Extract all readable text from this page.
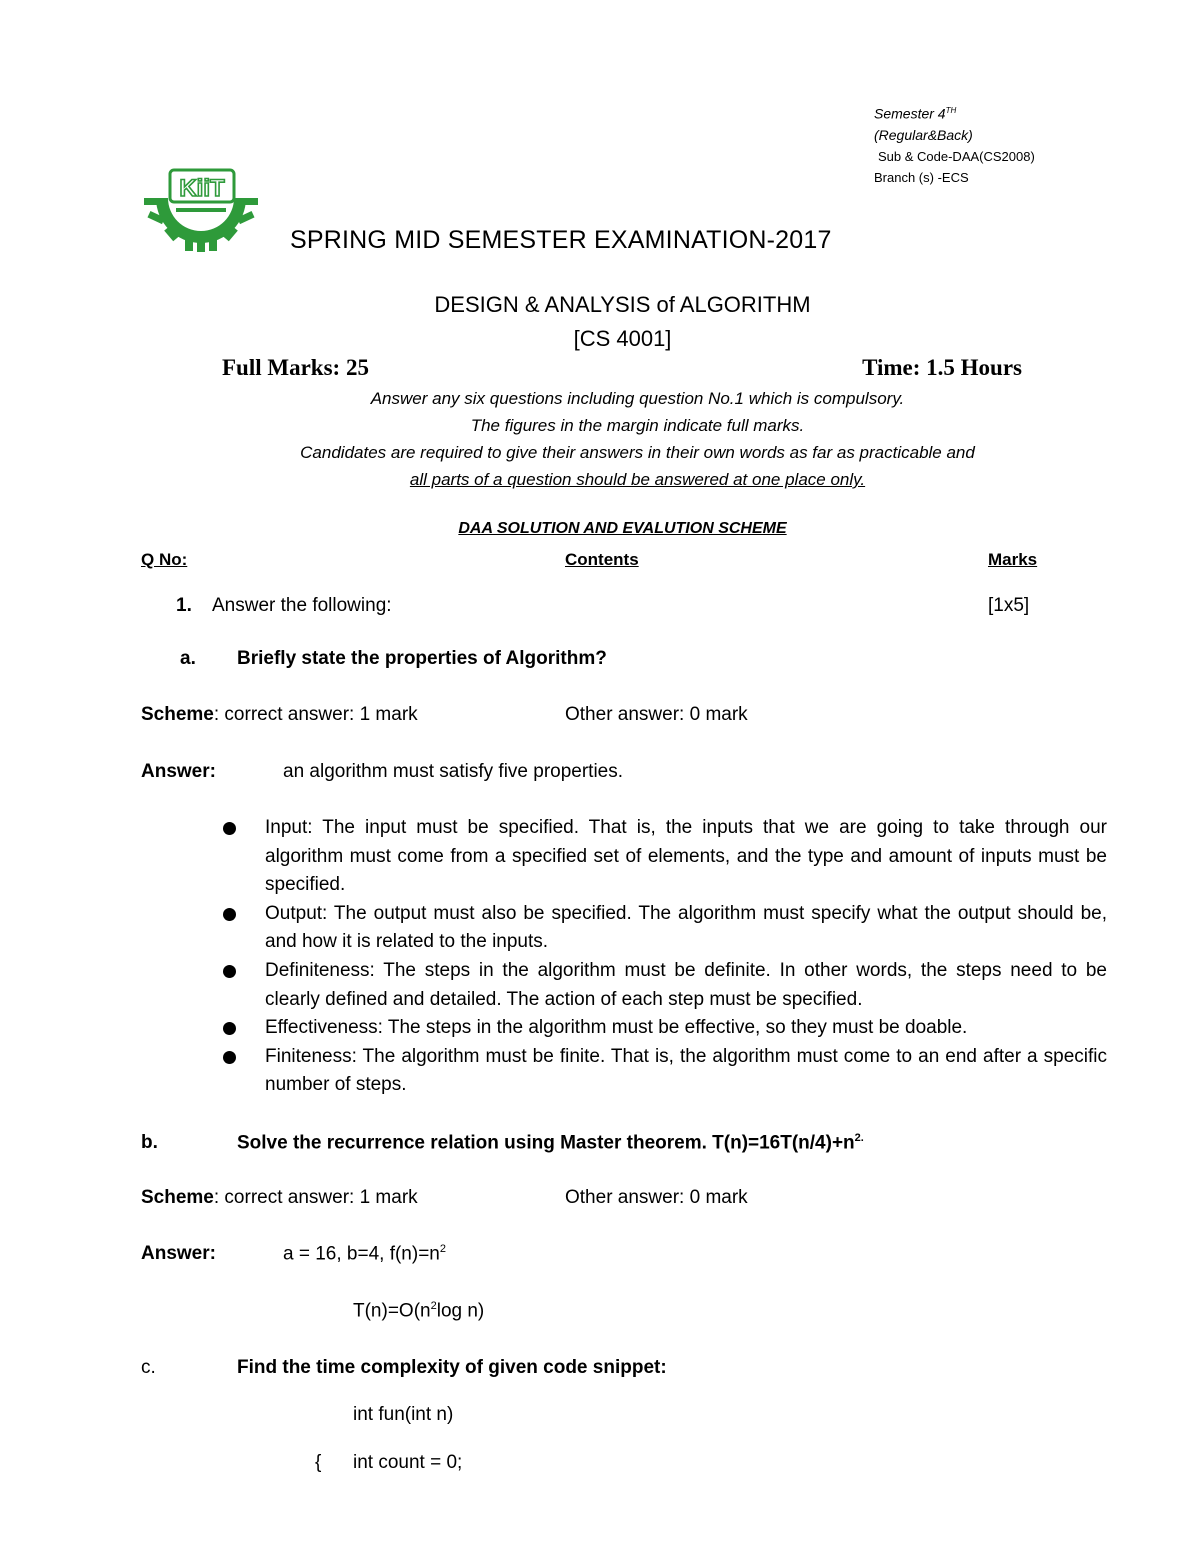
Semester 4TH
(Regular&Back)
Sub & Code-DAA(CS2008)
Branch (s) -ECS
KiiT
SPRING MID SEMESTER EXAMINATION-2017
DESIGN & ANALYSIS of ALGORITHM
[CS 4001]
Full Marks: 25	Time: 1.5 Hours
Answer any six questions including question No.1 which is compulsory.
The figures in the margin indicate full marks.
Candidates are required to give their answers in their own words as far as practicable and
all parts of a question should be answered at one place only.
DAA SOLUTION AND EVALUTION SCHEME
Q No:	Contents	Marks
1. Answer the following:	[1x5]
a. Briefly state the properties of Algorithm?
Scheme: correct answer: 1 mark	Other answer: 0 mark
Answer:	an algorithm must satisfy five properties.
Input: The input must be specified. That is, the inputs that we are going to take through our algorithm must come from a specified set of elements, and the type and amount of inputs must be specified.
Output: The output must also be specified. The algorithm must specify what the output should be, and how it is related to the inputs.
Definiteness: The steps in the algorithm must be definite. In other words, the steps need to be clearly defined and detailed. The action of each step must be specified.
Effectiveness: The steps in the algorithm must be effective, so they must be doable.
Finiteness: The algorithm must be finite. That is, the algorithm must come to an end after a specific number of steps.
b.	Solve the recurrence relation using Master theorem. $T(n)=16T(n/4)+n^{2.}$
Scheme: correct answer: 1 mark	Other answer: 0 mark
Answer:	a = 16, b=4, $f(n)=n^2$
$T(n)=O(n^2\log$ n)
c.	Find the time complexity of given code snippet:
int fun(int n)
{ int count = 0;
